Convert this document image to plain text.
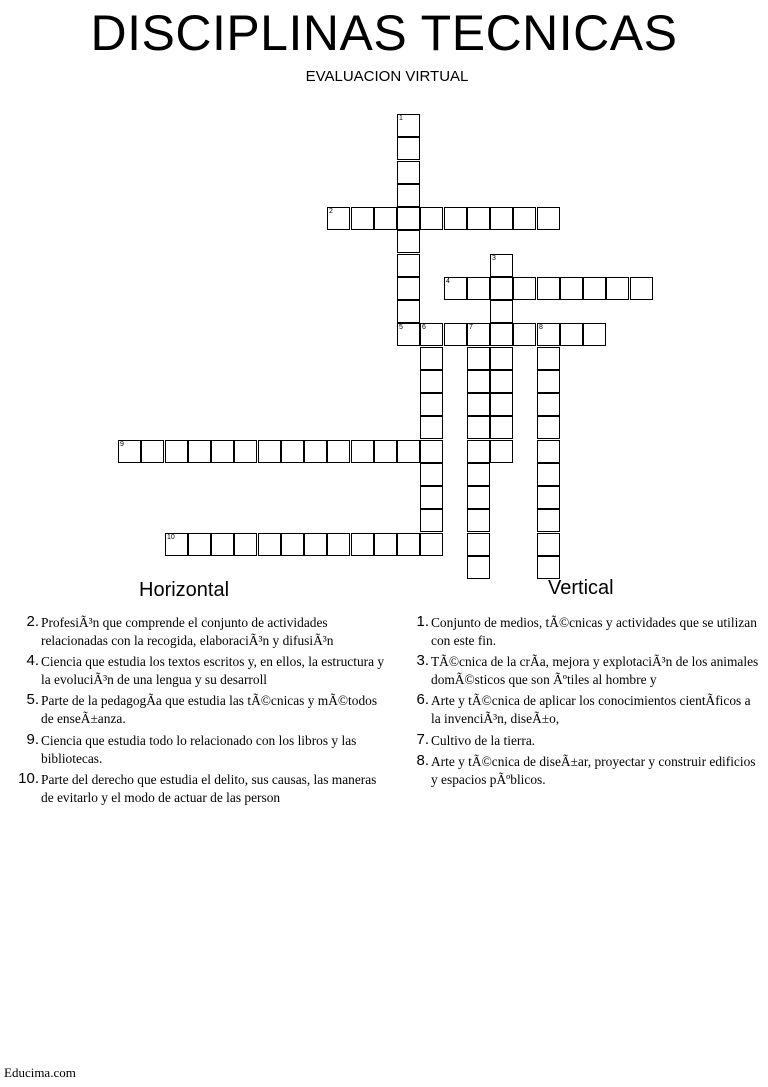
DISCIPLINAS TECNICAS
EVALUACION VIRTUAL
1
5
2
3
4
6	7	8
9
10
Horizontal	Vertical
2. ProfesiÃ³n que comprende el conjunto de actividades relacionadas con la recogida, elaboraciÃ³n y difusiÃ³n
4. Ciencia que estudia los textos escritos y, en ellos, la estructura y la evoluciÃ³n de una lengua y su desarroll
5. Parte de la pedagogÃa que estudia las tÃ©cnicas y mÃ©todos de enseÃ±anza.
9. Ciencia que estudia todo lo relacionado con los libros y las bibliotecas.
10. Parte del derecho que estudia el delito, sus causas, las maneras de evitarlo y el modo de actuar de las person
1. Conjunto de medios, tÃ©cnicas y actividades que se utilizan con este fin.
3. TÃ©cnica de la crÃa, mejora y explotaciÃ³n de los animales domÃ©sticos que son Ãºtiles al hombre y
6. Arte y tÃ©cnica de aplicar los conocimientos cientÃficos a la invenciÃ³n, diseÃ±o,
7. Cultivo de la tierra.
8. Arte y tÃ©cnica de diseÃ±ar, proyectar y construir edificios y espacios pÃºblicos.
Educima.com
